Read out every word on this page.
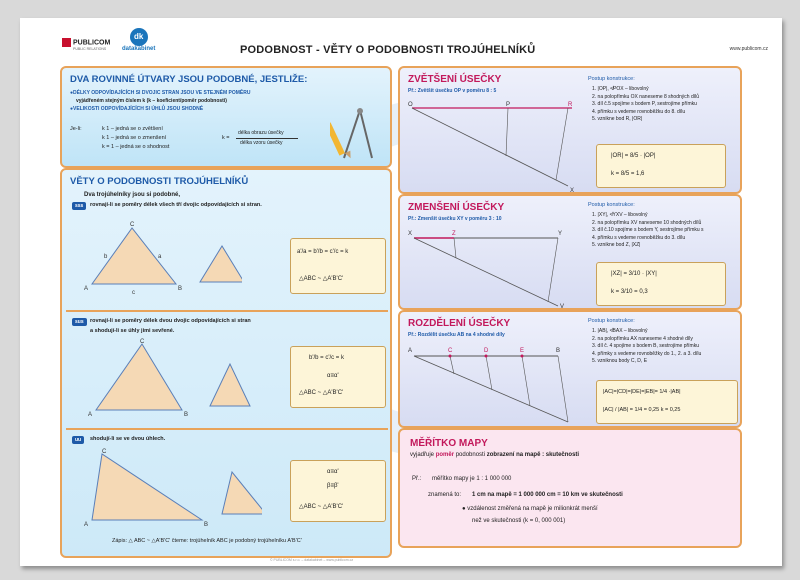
PUBLICOM
PUBLIC RELATIONS
dk
datakabinet	PODOBNOST - VĚTY O PODOBNOSTI TROJÚHELNÍKŮ	www.publicom.cz
DVA ROVINNÉ ÚTVARY JSOU PODOBNÉ, JESTLIŽE:
●DÉLKY ODPOVÍDAJÍCÍCH SI DVOJIC STRAN JSOU VE STEJNÉM POMĚRU
vyjádřeném stejným číslem k (k – koeficient/poměr podobnosti)
●VELIKOSTI ODPOVÍDAJÍCÍCH SI ÚHLŮ JSOU SHODNÉ
Je-li:	k 1 – jedná se o zvětšení
k 1 – jedná se o zmenšení
k = 1 – jedná se o shodnost
k =
délka obrazu úsečky
délka vzoru úsečky
VĚTY O PODOBNOSTI TROJÚHELNÍKŮ
Dva trojúhelníky jsou si podobné,
sss	rovnají-li se poměry délek všech tří dvojic odpovídajících si stran.
C
A	B
b	a
c
a'/a = b'/b = c'/c = k
△ABC ~ △A'B'C'
sus	rovnají-li se poměry délek dvou dvojic odpovídajících si stran
a shodují-li se úhly jimi sevřené.
C
A	B
b'/b = c'/c = k
α≡α'
△ABC ~ △A'B'C'
uu	shodují-li se ve dvou úhlech.
C
A	B
α≡α'
β≡β'
△ABC ~ △A'B'C'
Zápis: △ ABC ~ △A'B'C' čteme: trojúhelník ABC je podobný trojúhelníku A'B'C'
ZVĚTŠENÍ ÚSEČKY
Př.: Zvětšit úsečku OP v poměru 8 : 5
Postup konstrukce:
1. |OP|, ≮POX – libovolný
2. na polopřímku OX naneseme 8 shodných dílů
3. díl č.5 spojíme s bodem P, sestrojíme přímku
4. přímku s vedeme rovnoběžku do 8. dílu
5. vznikne bod R, |OR|
O	P	R
X
|OR| = 8/5 · |OP|
k = 8/5 = 1,6
ZMENŠENÍ ÚSEČKY
Př.: Zmenšit úsečku XY v poměru 3 : 10
Postup konstrukce:
1. |XY|, ≮YXV – libovolný
2. na polopřímku XV naneseme 10 shodných dílů
3. díl č.10 spojíme s bodem Y, sestrojíme přímku s
4. přímku s vedeme rovnoběžku do 3. dílu
5. vznikne bod Z, |XZ|
X	Z	Y
V
|XZ| = 3/10 · |XY|
k = 3/10 = 0,3
ROZDĚLENÍ ÚSEČKY
Př.: Rozdělit úsečku AB na 4 shodné díly
Postup konstrukce:
1. |AB|, ≮BAX – libovolný
2. na polopřímku AX naneseme 4 shodné díly
3. díl č. 4 spojíme s bodem B, sestrojíme přímku
4. přímky s vedeme rovnoběžky do 1., 2. a 3. dílu
5. vzniknou body C, D, E
A	C	D	E	B
|AC|=|CD|=|DE|=|EB|= 1/4 ·|AB|
|AC| / |AB| = 1/4 = 0,25 k = 0,25
MĚŘÍTKO MAPY
vyjadřuje poměr podobnosti zobrazení na mapě : skutečnosti
Př.: měřítko mapy je 1 : 1 000 000
znamená to: 1 cm na mapě = 1 000 000 cm = 10 km ve skutečnosti
● vzdálenost změřená na mapě je milionkrát menší
než ve skutečnosti (k = 0, 000 001)
© PUBLICOM s.r.o. – datakabinet – www.publicom.cz
